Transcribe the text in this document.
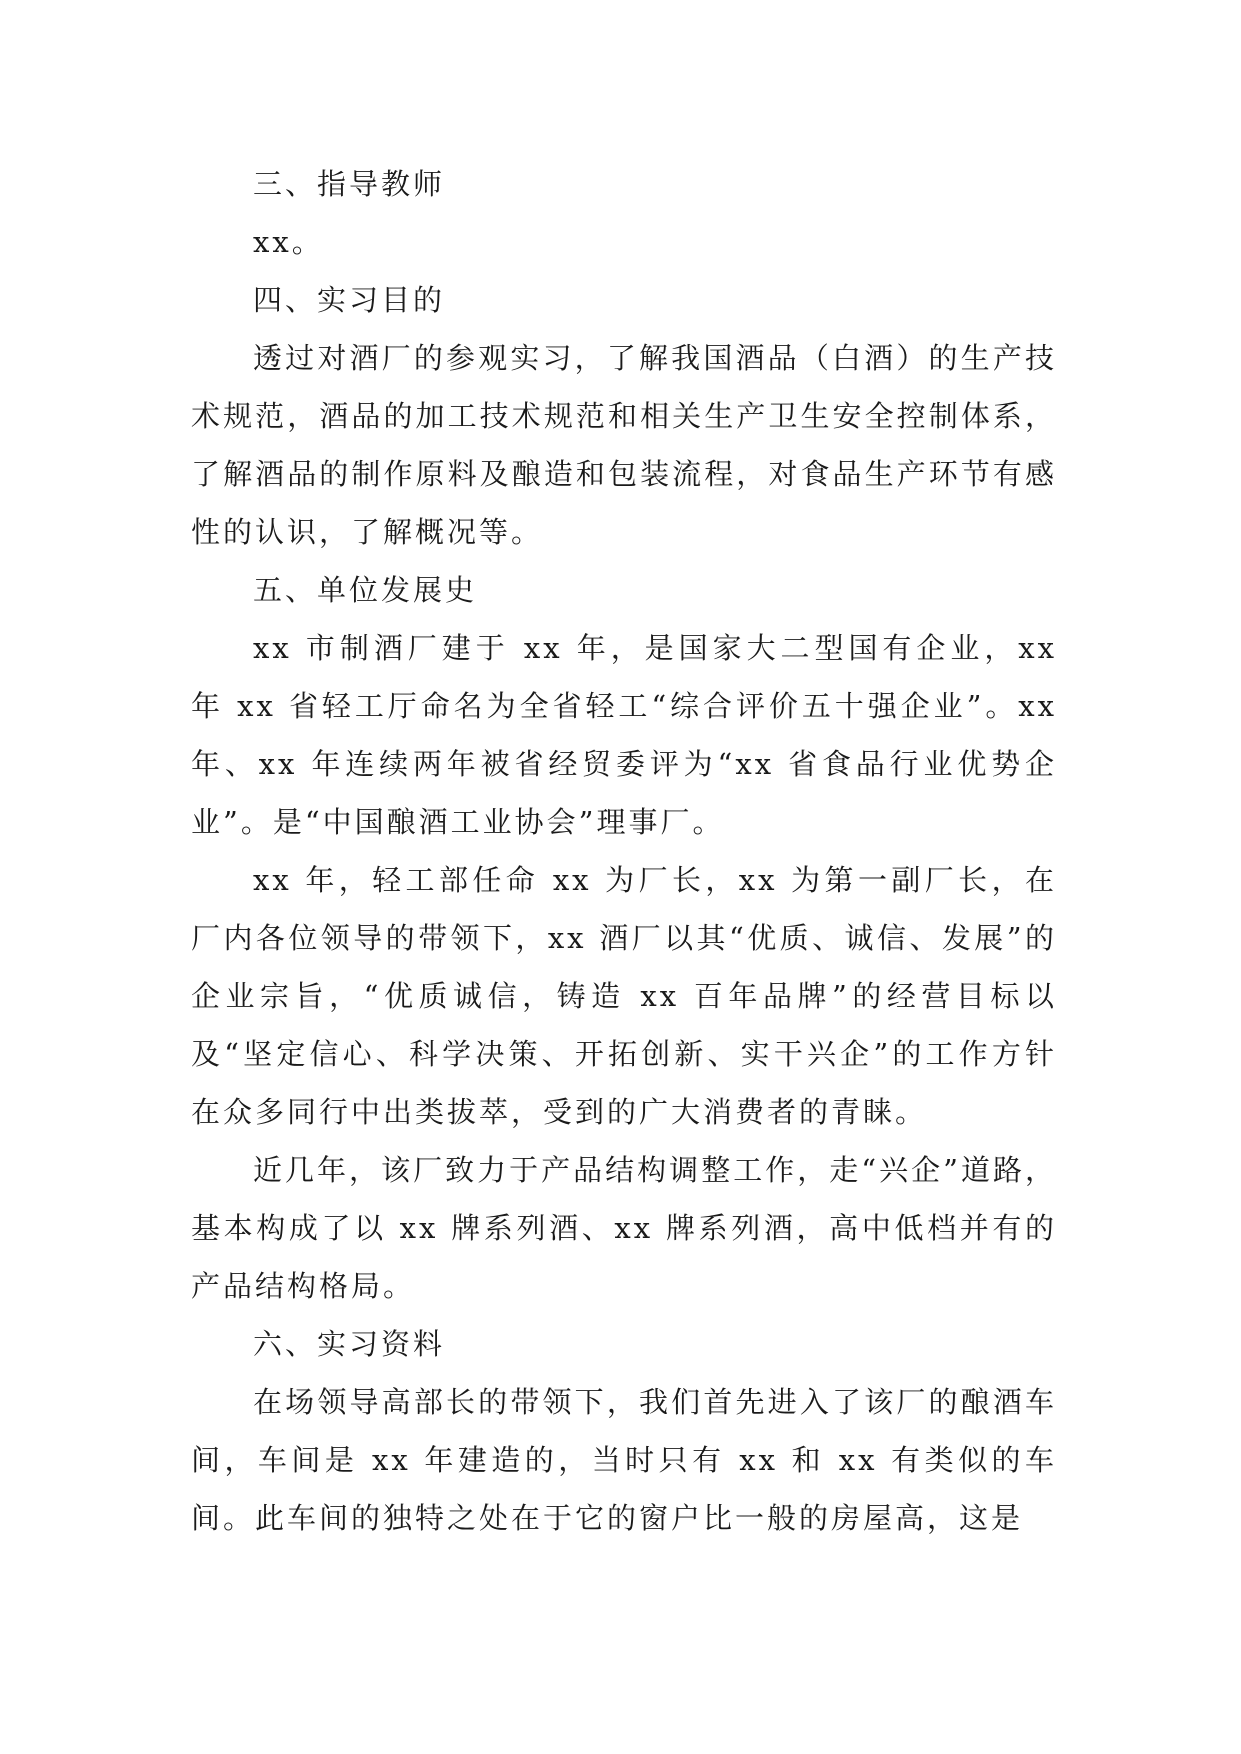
三、指导教师

xx。

四、实习目的

透过对酒厂的参观实习，了解我国酒品（白酒）的生产技术规范，酒品的加工技术规范和相关生产卫生安全控制体系，了解酒品的制作原料及酿造和包装流程，对食品生产环节有感性的认识，了解概况等。

五、单位发展史

xx 市制酒厂建于 xx 年，是国家大二型国有企业，xx 年 xx 省轻工厅命名为全省轻工“综合评价五十强企业”。xx 年、xx 年连续两年被省经贸委评为“xx 省食品行业优势企业”。是“中国酿酒工业协会”理事厂。

xx 年，轻工部任命 xx 为厂长，xx 为第一副厂长，在厂内各位领导的带领下，xx 酒厂以其“优质、诚信、发展”的企业宗旨，“优质诚信，铸造 xx 百年品牌”的经营目标以及“坚定信心、科学决策、开拓创新、实干兴企”的工作方针在众多同行中出类拔萃，受到的广大消费者的青睐。

近几年，该厂致力于产品结构调整工作，走“兴企”道路，基本构成了以 xx 牌系列酒、xx 牌系列酒，高中低档并有的产品结构格局。

六、实习资料

在场领导高部长的带领下，我们首先进入了该厂的酿酒车间，车间是 xx 年建造的，当时只有 xx 和 xx 有类似的车间。此车间的独特之处在于它的窗户比一般的房屋高，这是
